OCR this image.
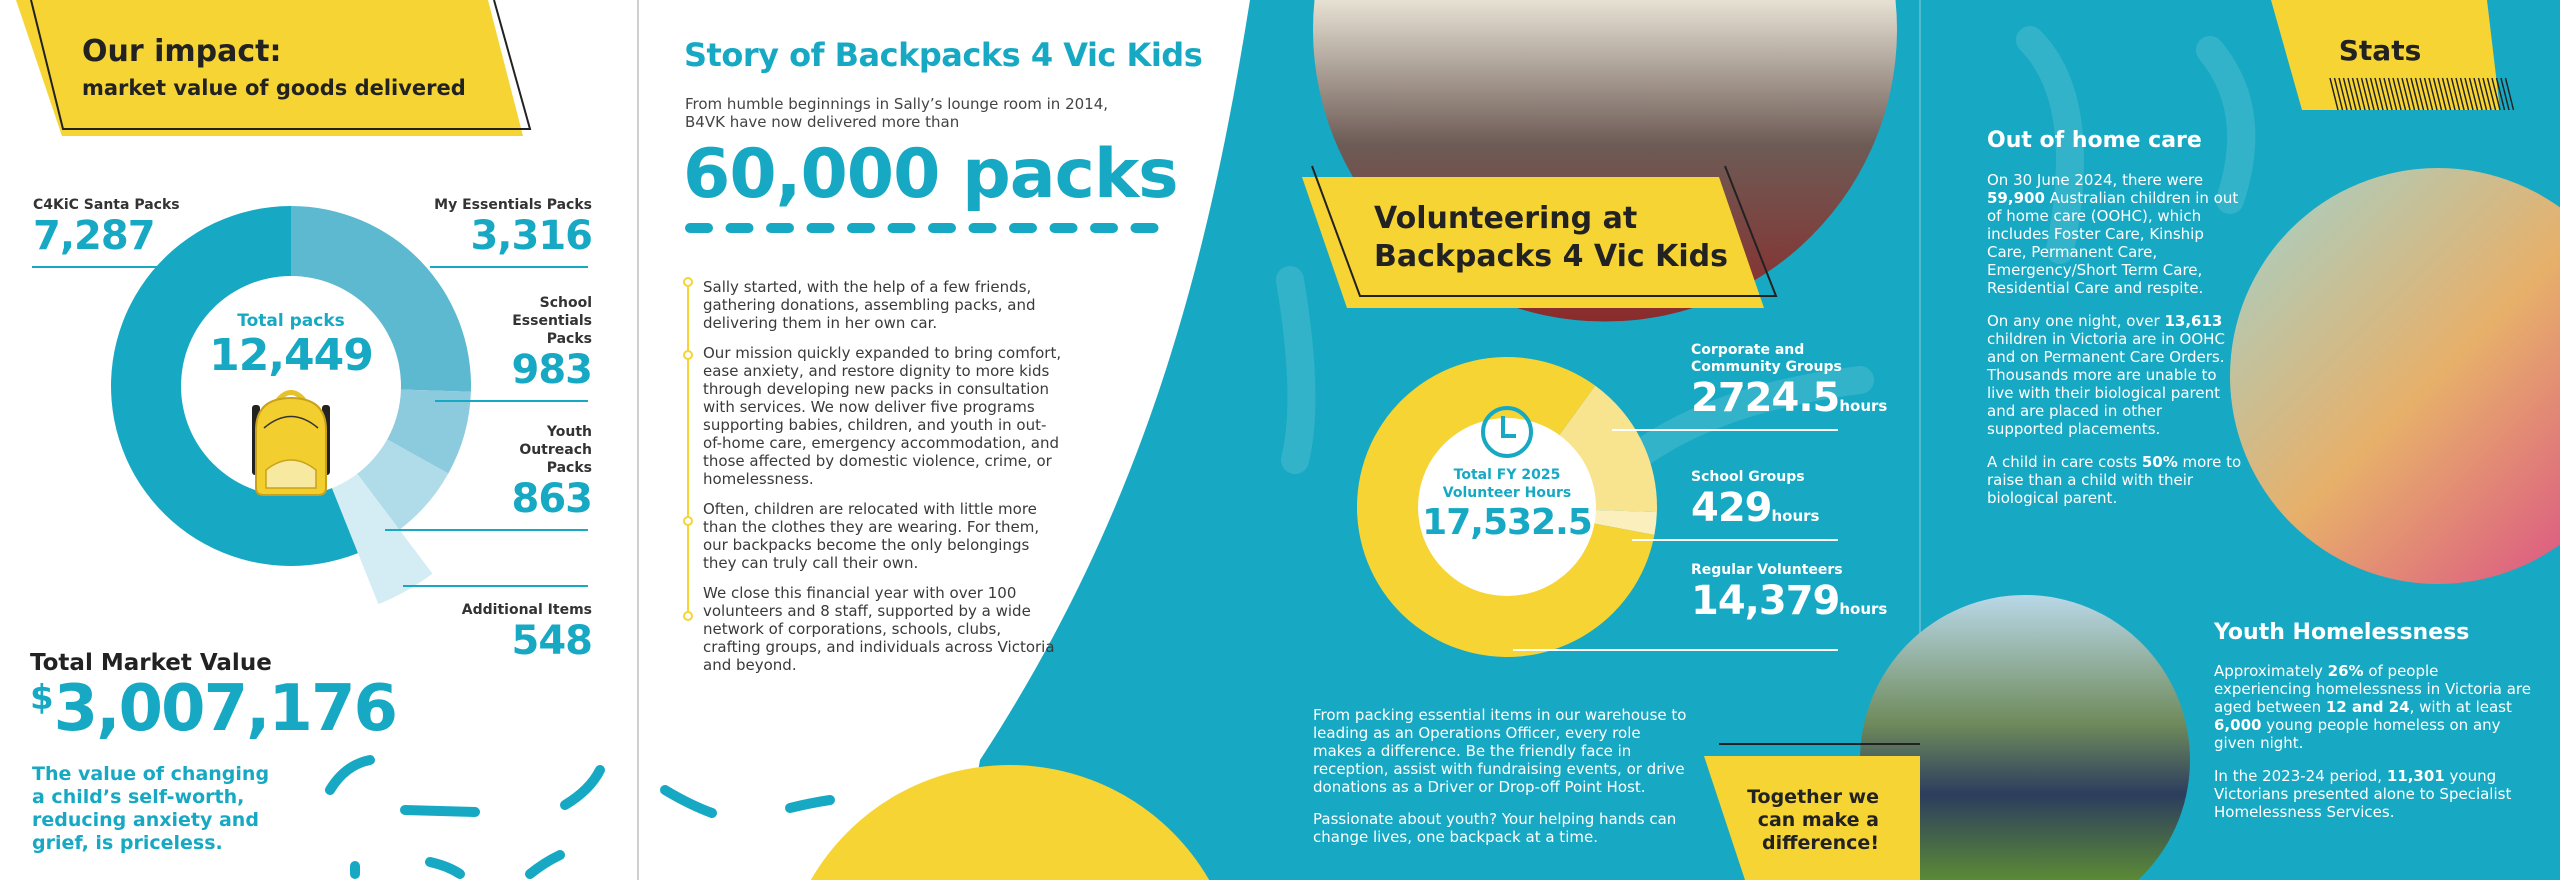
Our impact:
market value of goods delivered
C4KiC Santa Packs
7,287
My Essentials Packs
3,316
School
Essentials
Packs
983
Youth
Outreach
Packs
863
Additional Items
548
Total packs
12,449
Total Market Value
$3,007,176
The value of changing
a child’s self-worth,
reducing anxiety and
grief, is priceless.
Story of Backpacks 4 Vic Kids
From humble beginnings in Sally’s lounge room in 2014,
B4VK have now delivered more than
60,000 packs

Sally started, with the help of a few friends, gathering donations, assembling packs, and delivering them in her own car.

Our mission quickly expanded to bring comfort, ease anxiety, and restore dignity to more kids through developing new packs in consultation with services. We now deliver five programs supporting babies, children, and youth in out-of-home care, emergency accommodation, and those affected by domestic violence, crime, or homelessness.

Often, children are relocated with little more than the clothes they are wearing. For them, our backpacks become the only belongings they can truly call their own.

We close this financial year with over 100 volunteers and 8 staff, supported by a wide network of corporations, schools, clubs, crafting groups, and individuals across Victoria and beyond.

Volunteering at
Backpacks 4 Vic Kids
Total FY 2025
Volunteer Hours
17,532.5
Corporate and
Community Groups
2724.5hours
School Groups
429hours
Regular Volunteers
14,379hours

From packing essential items in our warehouse to leading as an Operations Officer, every role makes a difference. Be the friendly face in reception, assist with fundraising events, or drive donations as a Driver or Drop-off Point Host.

Passionate about youth? Your helping hands can change lives, one backpack at a time.

Together we
can make a
difference!
Stats
Out of home care

On 30 June 2024, there were 59,900 Australian children in out of home care (OOHC), which includes Foster Care, Kinship Care, Permanent Care, Emergency/Short Term Care, Residential Care and respite.

On any one night, over 13,613 children in Victoria are in OOHC and on Permanent Care Orders. Thousands more are unable to live with their biological parent and are placed in other supported placements.

A child in care costs 50% more to raise than a child with their biological parent.

Youth Homelessness

Approximately 26% of people experiencing homelessness in Victoria are aged between 12 and 24, with at least 6,000 young people homeless on any given night.

In the 2023-24 period, 11,301 young Victorians presented alone to Specialist Homelessness Services.
